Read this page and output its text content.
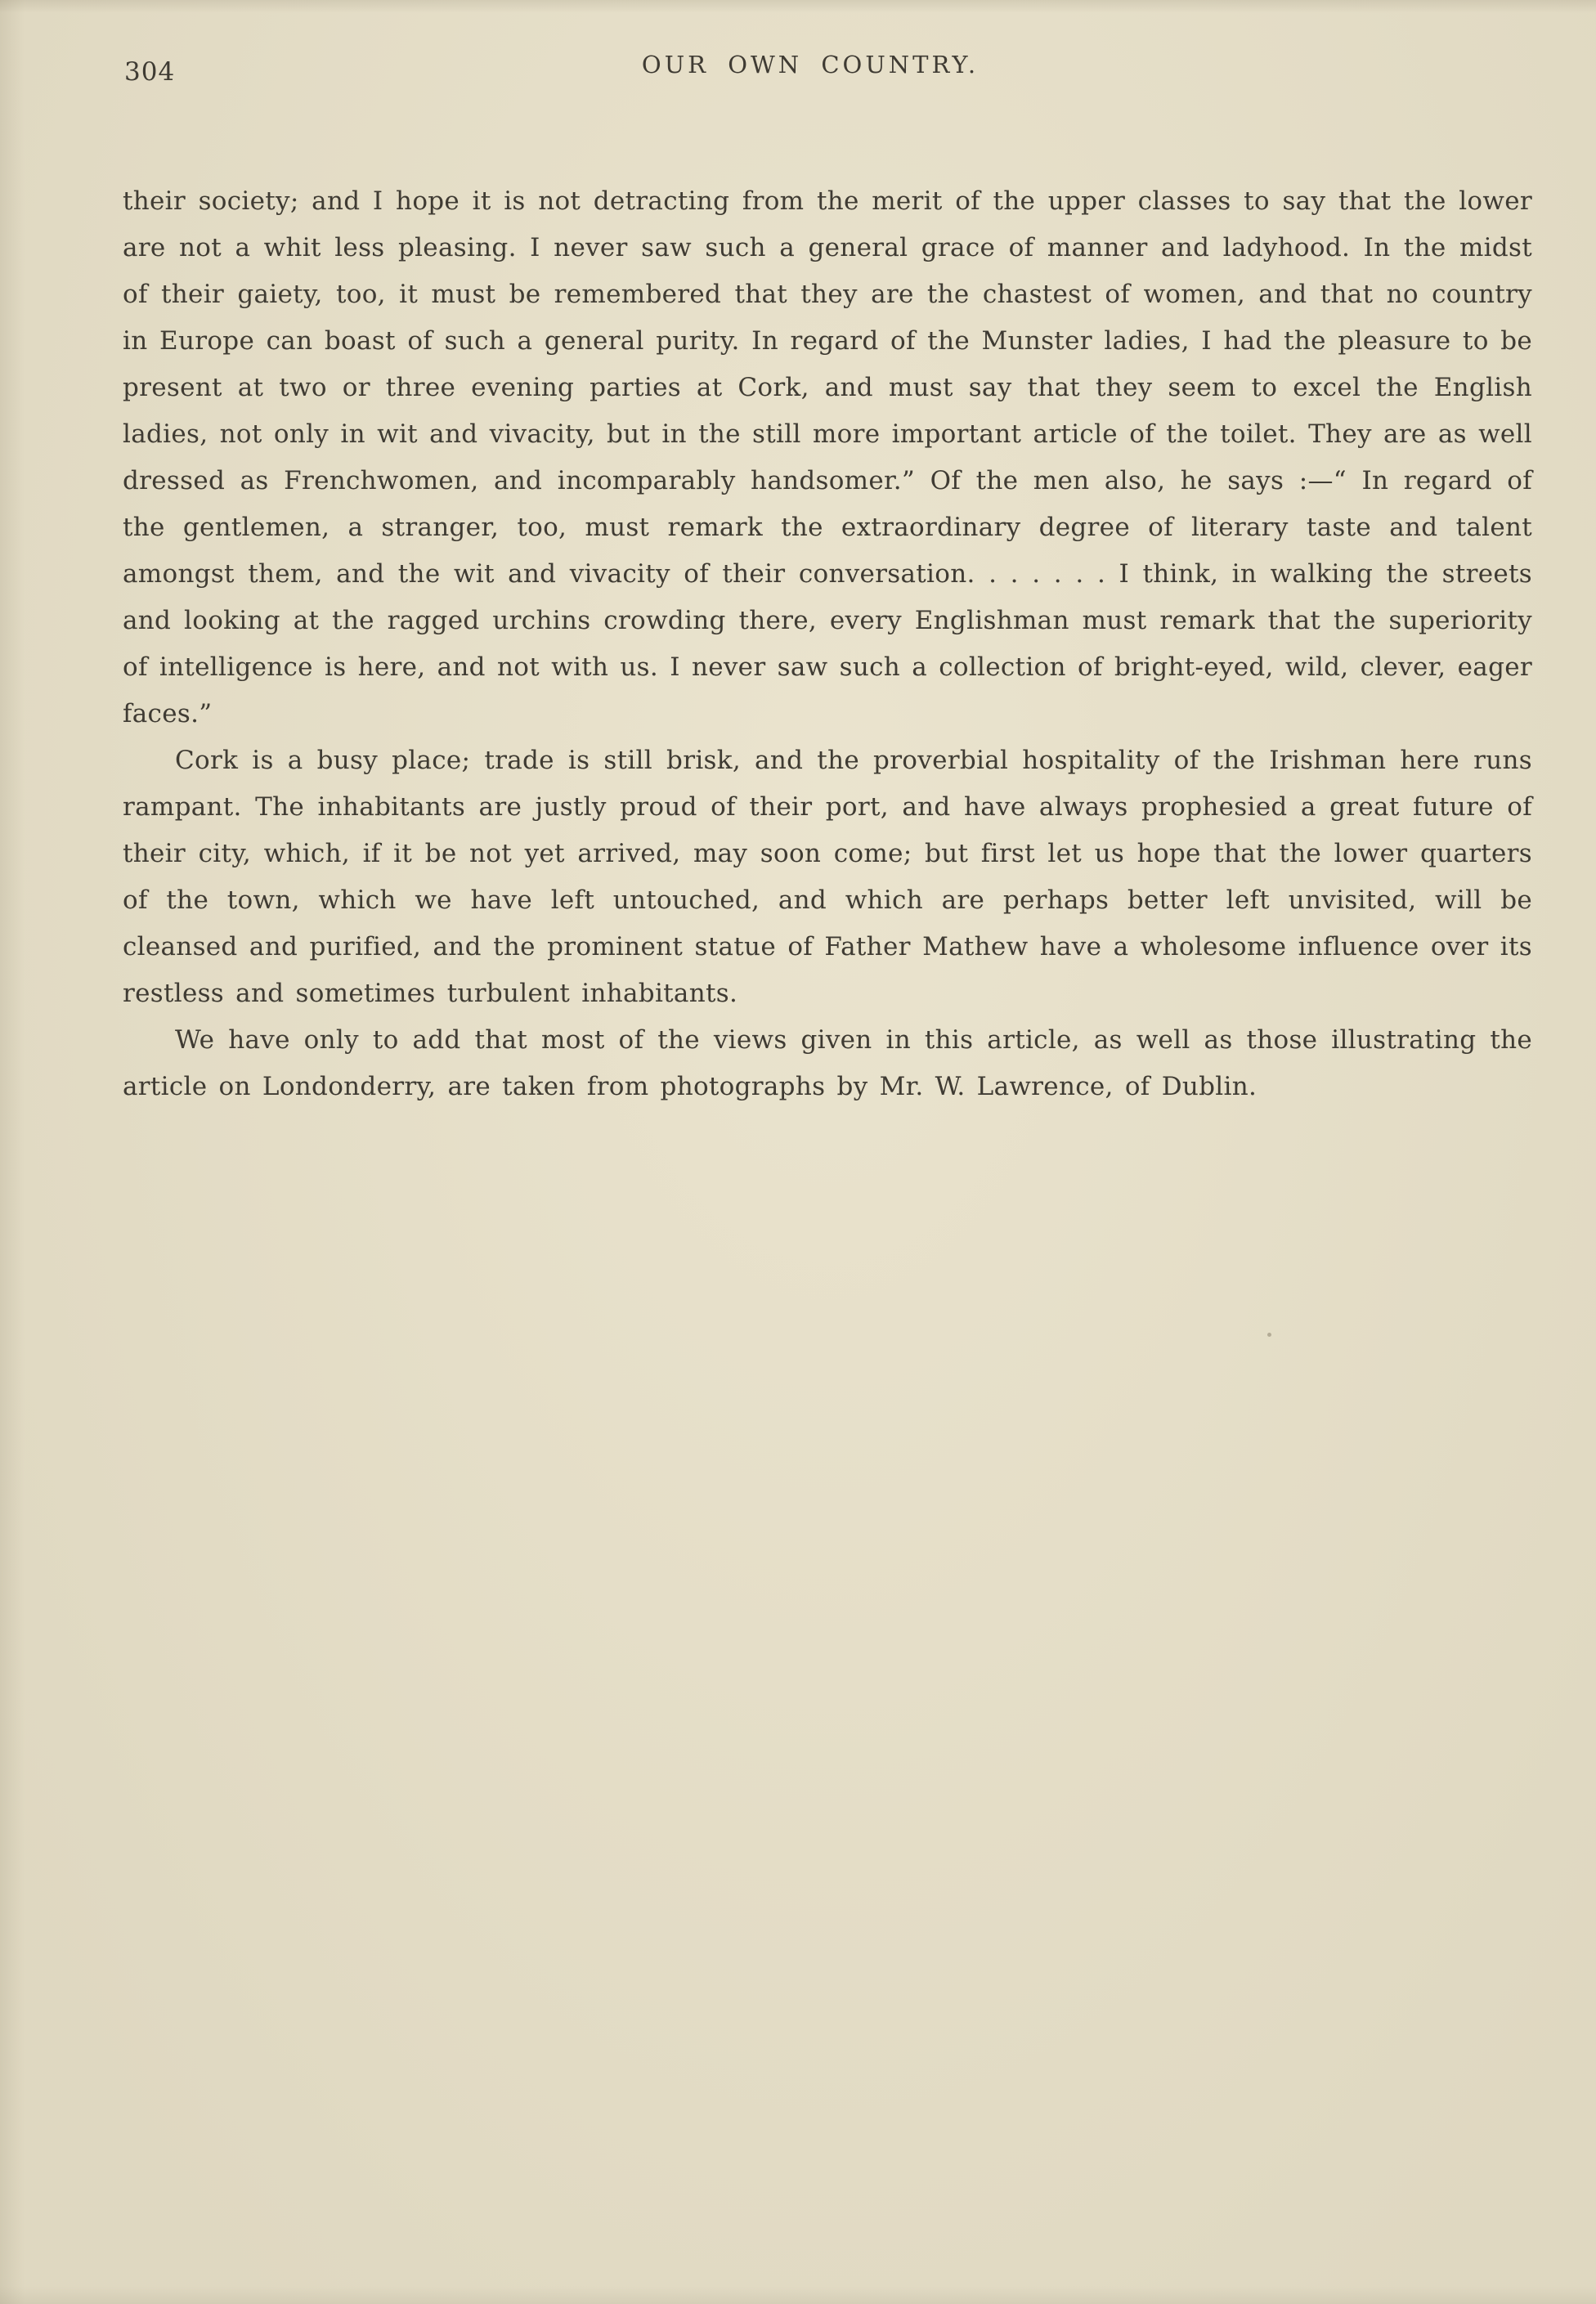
304	OUR OWN COUNTRY.

their society; and I hope it is not detracting from the merit of the upper classes to say that the lower are not a whit less pleasing. I never saw such a general grace of manner and ladyhood. In the midst of their gaiety, too, it must be remembered that they are the chastest of women, and that no country in Europe can boast of such a general purity. In regard of the Munster ladies, I had the pleasure to be present at two or three evening parties at Cork, and must say that they seem to excel the English ladies, not only in wit and vivacity, but in the still more important article of the toilet. They are as well dressed as Frenchwomen, and incomparably handsomer.” Of the men also, he says :—“ In regard of the gentlemen, a stranger, too, must remark the extraordinary degree of literary taste and talent amongst them, and the wit and vivacity of their conversation. . . . . . . I think, in walking the streets and looking at the ragged urchins crowding there, every Englishman must remark that the superiority of intelligence is here, and not with us. I never saw such a collection of bright-eyed, wild, clever, eager faces.”

Cork is a busy place; trade is still brisk, and the proverbial hospitality of the Irishman here runs rampant. The inhabitants are justly proud of their port, and have always prophesied a great future of their city, which, if it be not yet arrived, may soon come; but first let us hope that the lower quarters of the town, which we have left untouched, and which are perhaps better left unvisited, will be cleansed and purified, and the prominent statue of Father Mathew have a wholesome influence over its restless and sometimes turbulent inhabitants.

We have only to add that most of the views given in this article, as well as those illustrating the article on Londonderry, are taken from photographs by Mr. W. Lawrence, of Dublin.
